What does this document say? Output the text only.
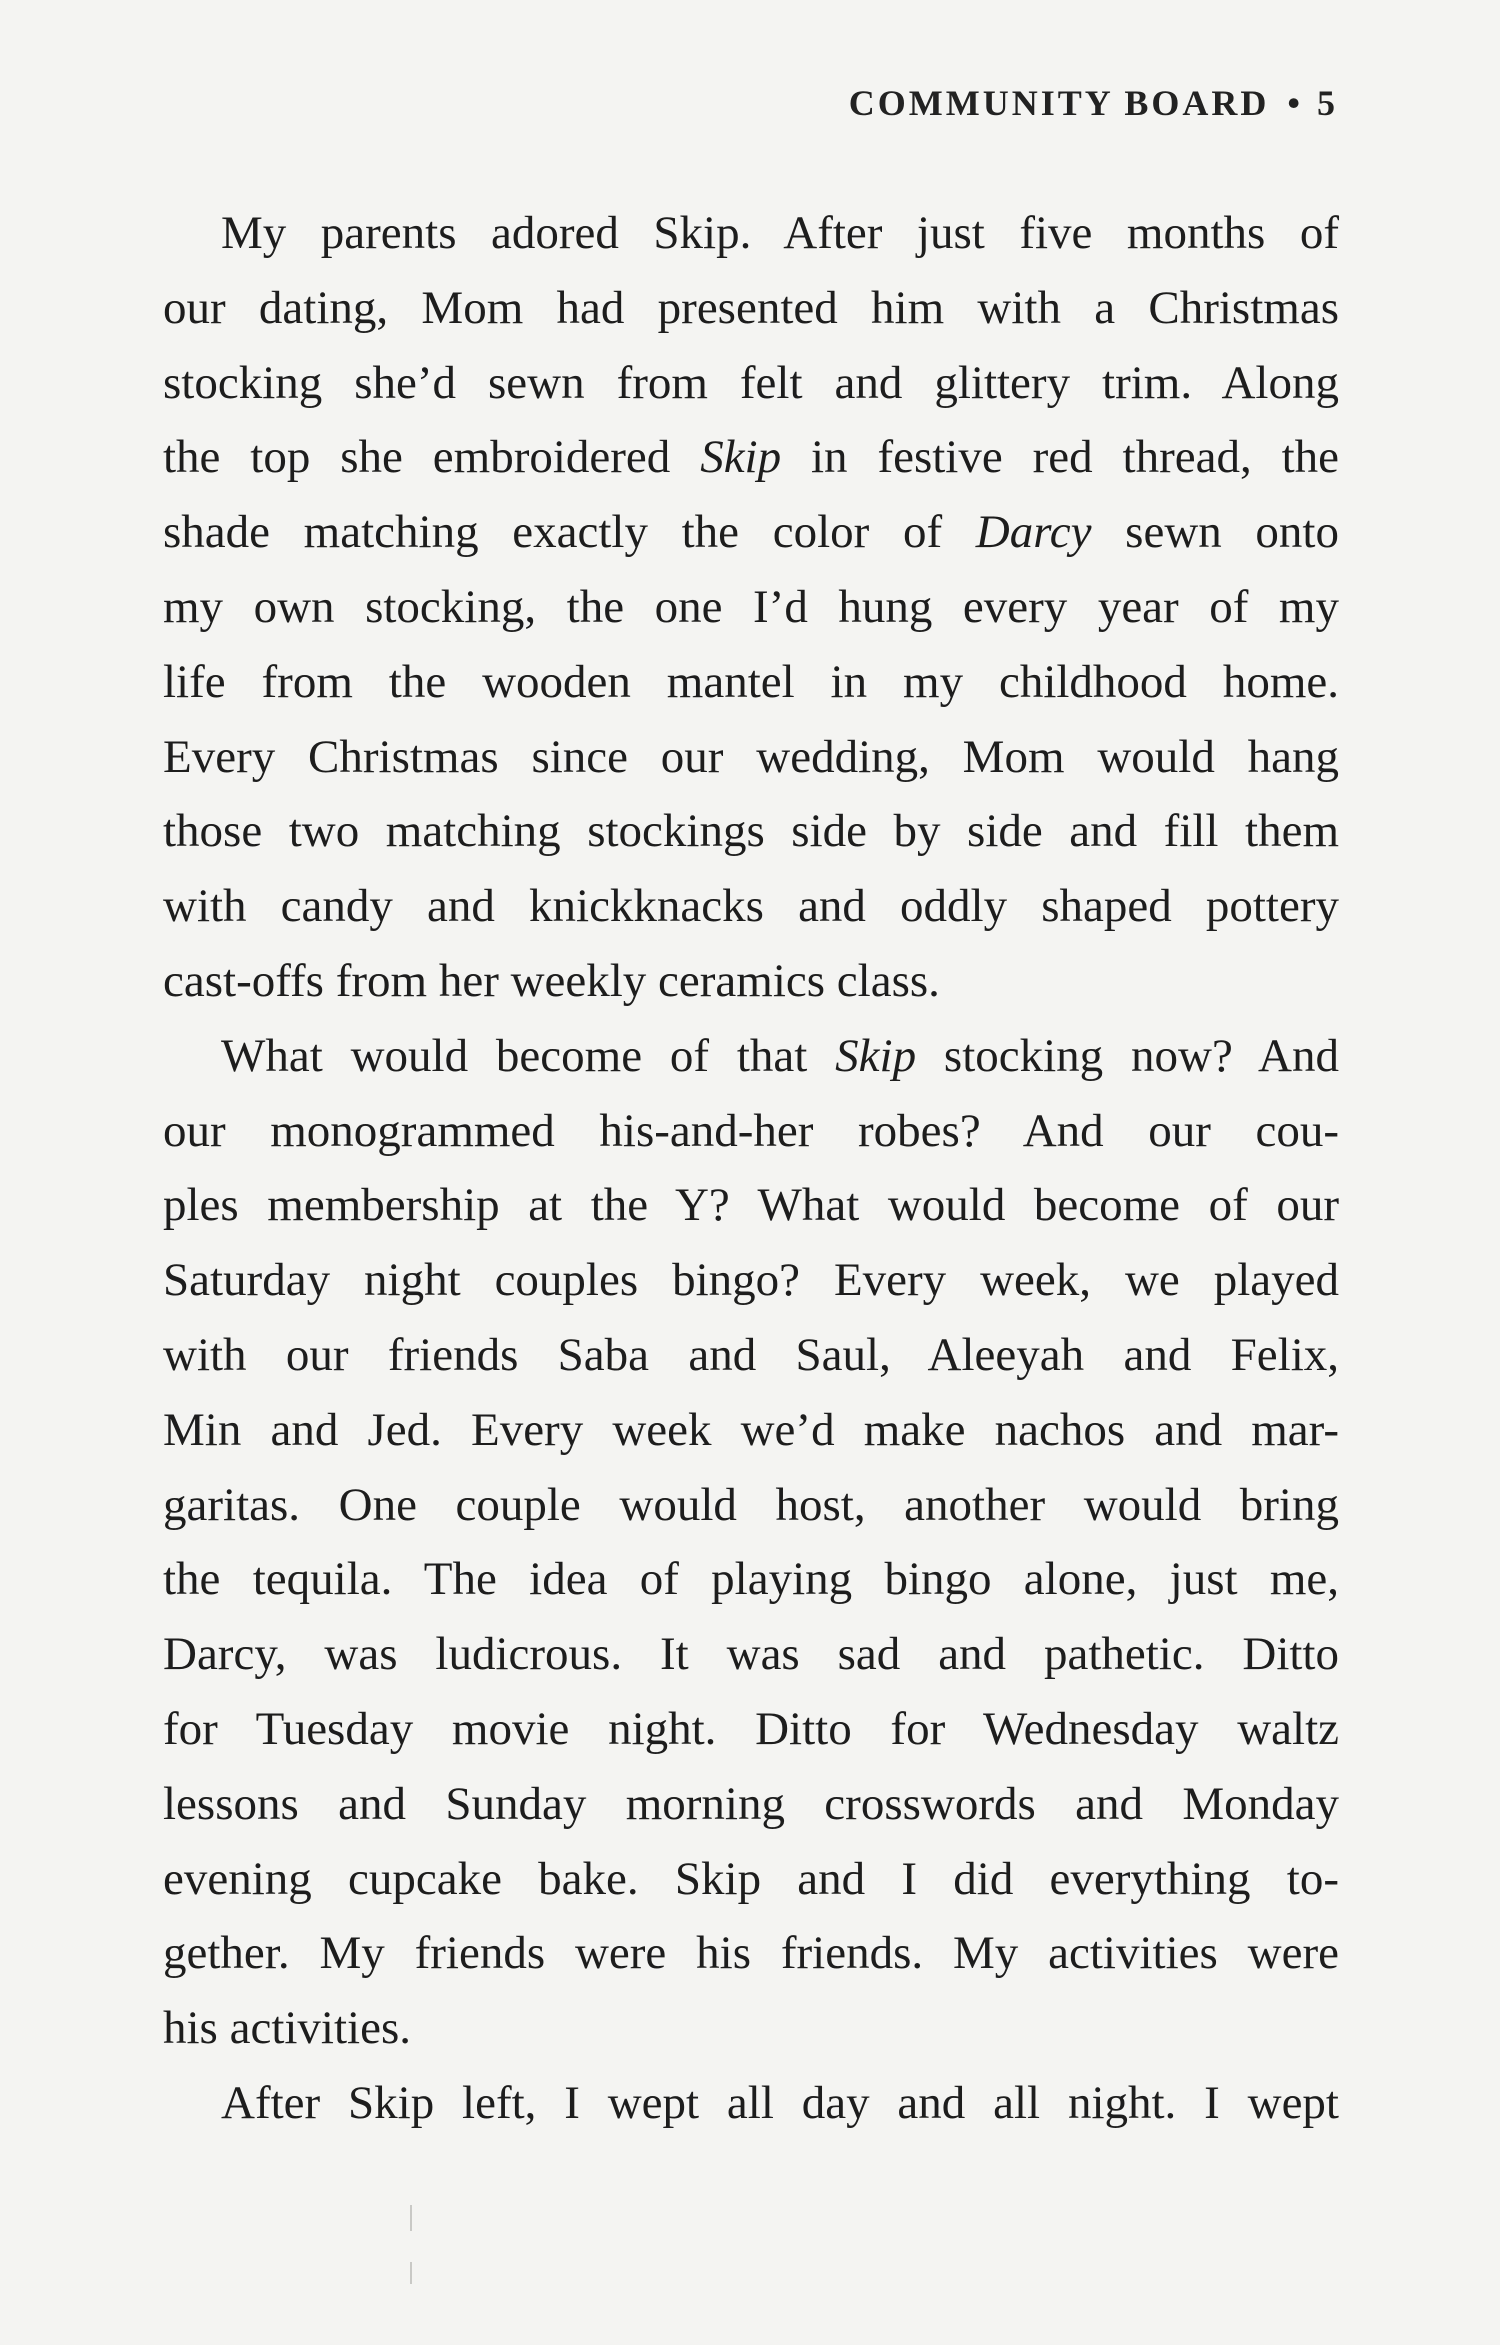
COMMUNITY BOARD • 5
My parents adored Skip. After just five months of
our dating, Mom had presented him with a Christmas
stocking she’d sewn from felt and glittery trim. Along
the top she embroidered Skip in festive red thread, the
shade matching exactly the color of Darcy sewn onto
my own stocking, the one I’d hung every year of my
life from the wooden mantel in my childhood home.
Every Christmas since our wedding, Mom would hang
those two matching stockings side by side and fill them
with candy and knickknacks and oddly shaped pottery
cast-offs from her weekly ceramics class.
What would become of that Skip stocking now? And
our monogrammed his-and-her robes? And our cou-
ples membership at the Y? What would become of our
Saturday night couples bingo? Every week, we played
with our friends Saba and Saul, Aleeyah and Felix,
Min and Jed. Every week we’d make nachos and mar-
garitas. One couple would host, another would bring
the tequila. The idea of playing bingo alone, just me,
Darcy, was ludicrous. It was sad and pathetic. Ditto
for Tuesday movie night. Ditto for Wednesday waltz
lessons and Sunday morning crosswords and Monday
evening cupcake bake. Skip and I did everything to-
gether. My friends were his friends. My activities were
his activities.
After Skip left, I wept all day and all night. I wept
